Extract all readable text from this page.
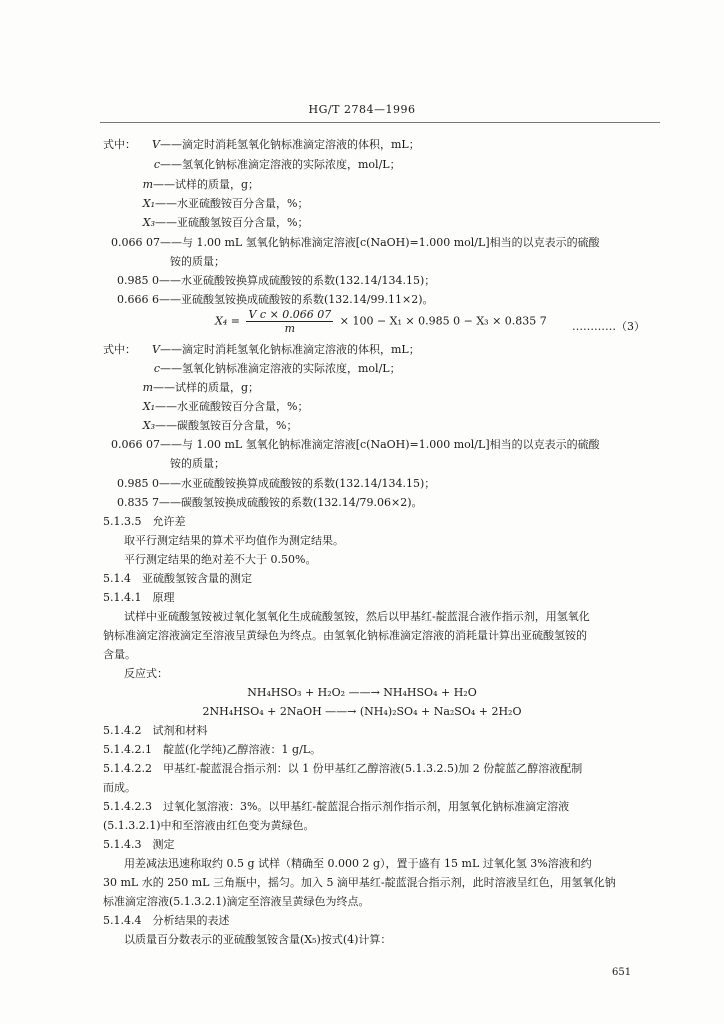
HG/T 2784—1996
式中：	V——滴定时消耗氢氧化钠标准滴定溶液的体积，mL；
c——氢氧化钠标准滴定溶液的实际浓度，mol/L；
m——试样的质量，g；
X₁——水亚硫酸铵百分含量，%；
X₃——亚硫酸氢铵百分含量，%；
0.066 07——与 1.00 mL 氢氧化钠标准滴定溶液[c(NaOH)=1.000 mol/L]相当的以克表示的硫酸
铵的质量；
0.985 0——水亚硫酸铵换算成硫酸铵的系数(132.14/134.15)；
0.666 6——亚硫酸氢铵换成硫酸铵的系数(132.14/99.11×2)。
$X_4 = \frac{\text{V c × 0.066 07}}{m} \times 100 - X_1 \times 0.985$ 0 − X₃ × 0.835 7 …………（3）
式中：	V——滴定时消耗氢氧化钠标准滴定溶液的体积，mL；
c——氢氧化钠标准滴定溶液的实际浓度，mol/L；
m——试样的质量，g；
X₁——水亚硫酸铵百分含量，%；
X₃——碳酸氢铵百分含量，%；
0.066 07——与 1.00 mL 氢氧化钠标准滴定溶液[c(NaOH)=1.000 mol/L]相当的以克表示的硫酸
铵的质量；
0.985 0——水亚硫酸铵换算成硫酸铵的系数(132.14/134.15)；
0.835 7——碳酸氢铵换成硫酸铵的系数(132.14/79.06×2)。
5.1.3.5　允许差
取平行测定结果的算术平均值作为测定结果。
平行测定结果的绝对差不大于 0.50%。
5.1.4　亚硫酸氢铵含量的测定
5.1.4.1　原理
试样中亚硫酸氢铵被过氧化氢氧化生成硫酸氢铵，然后以甲基红-靛蓝混合液作指示剂，用氢氧化
钠标准滴定溶液滴定至溶液呈黄绿色为终点。由氢氧化钠标准滴定溶液的消耗量计算出亚硫酸氢铵的
含量。
反应式：
NH₄HSO₃ + H₂O₂ ——→ NH₄HSO₄ + H₂O
2NH₄HSO₄ + 2NaOH ——→ (NH₄)₂SO₄ + Na₂SO₄ + 2H₂O
5.1.4.2　试剂和材料
5.1.4.2.1　靛蓝(化学纯)乙醇溶液：1 g/L。
5.1.4.2.2　甲基红-靛蓝混合指示剂：以 1 份甲基红乙醇溶液(5.1.3.2.5)加 2 份靛蓝乙醇溶液配制
而成。
5.1.4.2.3　过氧化氢溶液：3%。以甲基红-靛蓝混合指示剂作指示剂，用氢氧化钠标准滴定溶液
(5.1.3.2.1)中和至溶液由红色变为黄绿色。
5.1.4.3　测定
用差减法迅速称取约 0.5 g 试样（精确至 0.000 2 g），置于盛有 15 mL 过氧化氢 3%溶液和约
30 mL 水的 250 mL 三角瓶中，摇匀。加入 5 滴甲基红-靛蓝混合指示剂，此时溶液呈红色，用氢氧化钠
标准滴定溶液(5.1.3.2.1)滴定至溶液呈黄绿色为终点。
5.1.4.4　分析结果的表述
以质量百分数表示的亚硫酸氢铵含量(X₅)按式(4)计算：
651
